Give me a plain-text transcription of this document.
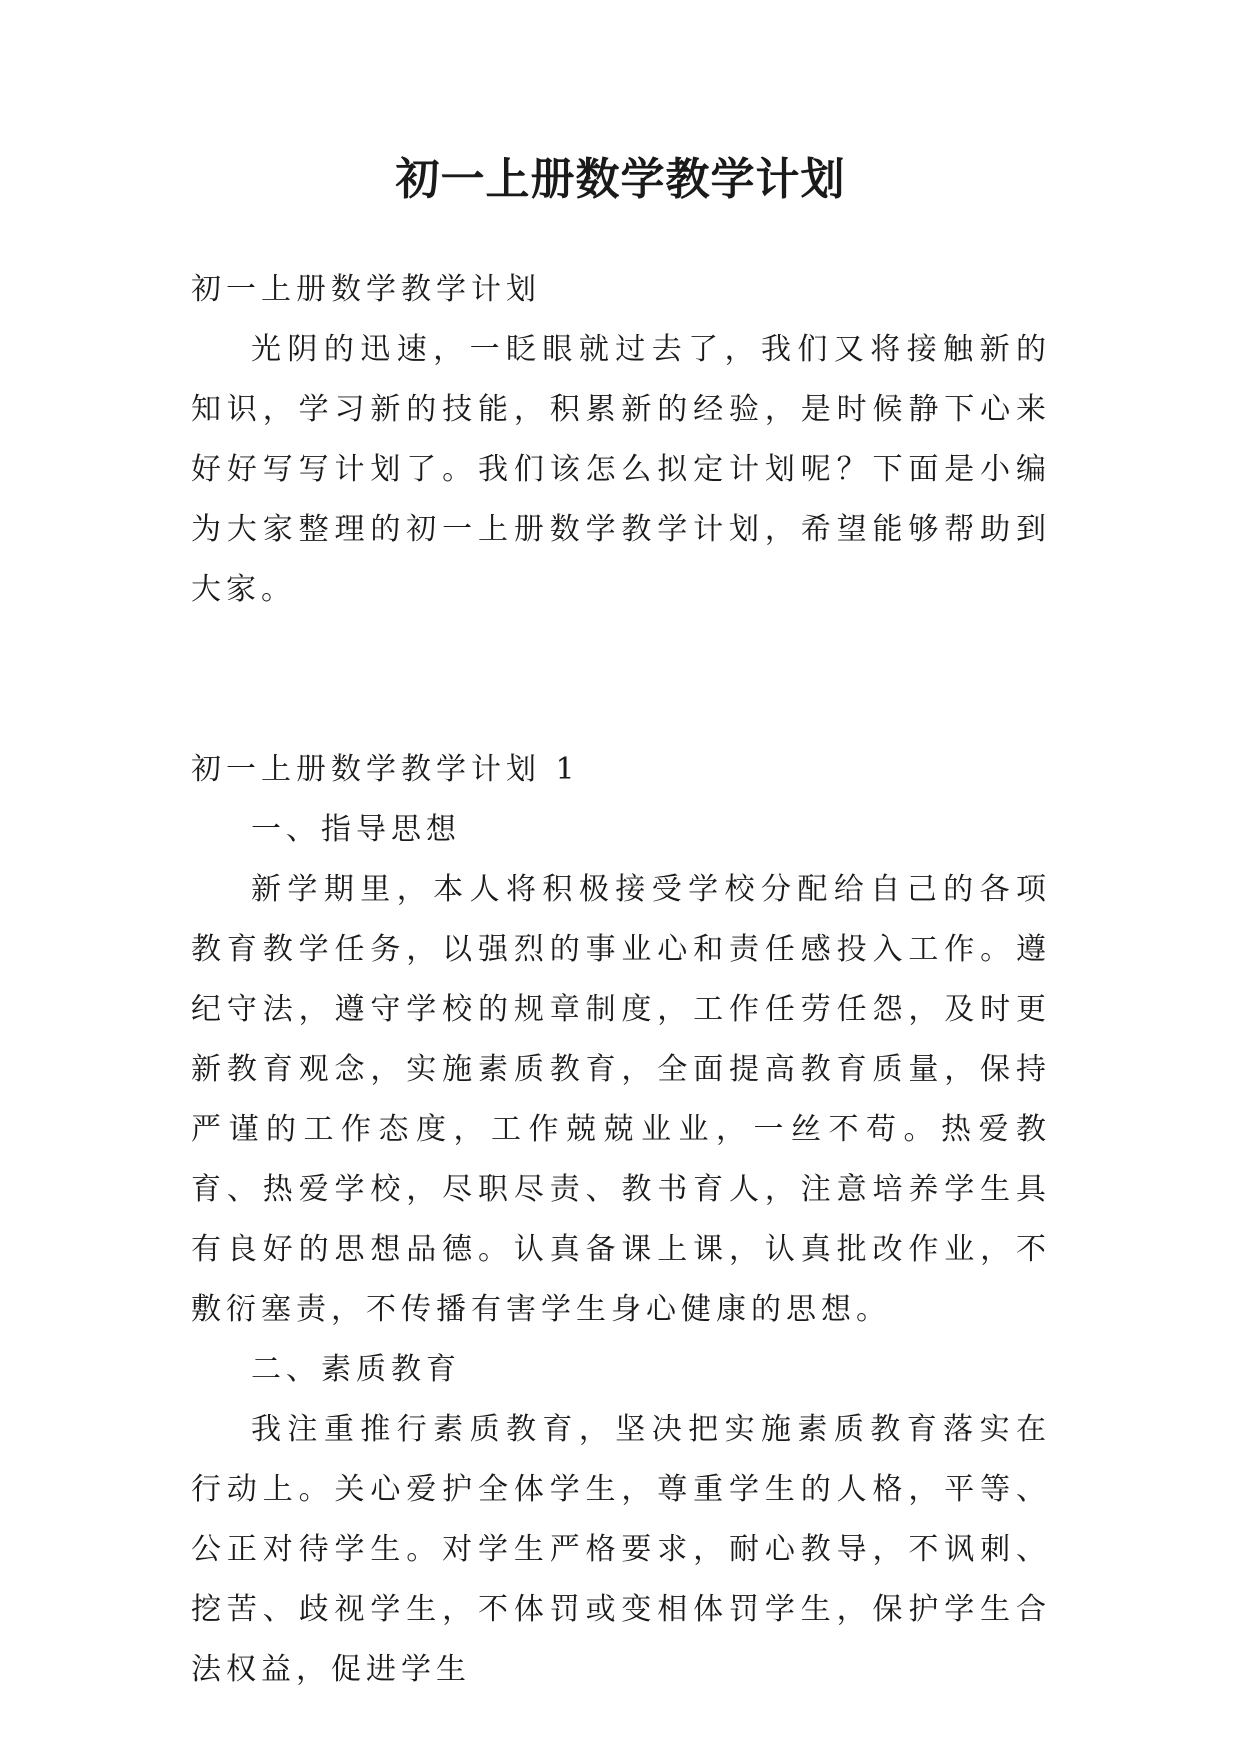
初一上册数学教学计划

初一上册数学教学计划

光阴的迅速，一眨眼就过去了，我们又将接触新的知识，学习新的技能，积累新的经验，是时候静下心来好好写写计划了。我们该怎么拟定计划呢？下面是小编为大家整理的初一上册数学教学计划，希望能够帮助到大家。

初一上册数学教学计划 1

一、指导思想

新学期里，本人将积极接受学校分配给自己的各项教育教学任务，以强烈的事业心和责任感投入工作。遵纪守法，遵守学校的规章制度，工作任劳任怨，及时更新教育观念，实施素质教育，全面提高教育质量，保持严谨的工作态度，工作兢兢业业，一丝不苟。热爱教育、热爱学校，尽职尽责、教书育人，注意培养学生具有良好的思想品德。认真备课上课，认真批改作业，不敷衍塞责，不传播有害学生身心健康的思想。

二、素质教育

我注重推行素质教育，坚决把实施素质教育落实在行动上。关心爱护全体学生，尊重学生的人格，平等、公正对待学生。对学生严格要求，耐心教导，不讽刺、挖苦、歧视学生，不体罚或变相体罚学生，保护学生合法权益，促进学生
